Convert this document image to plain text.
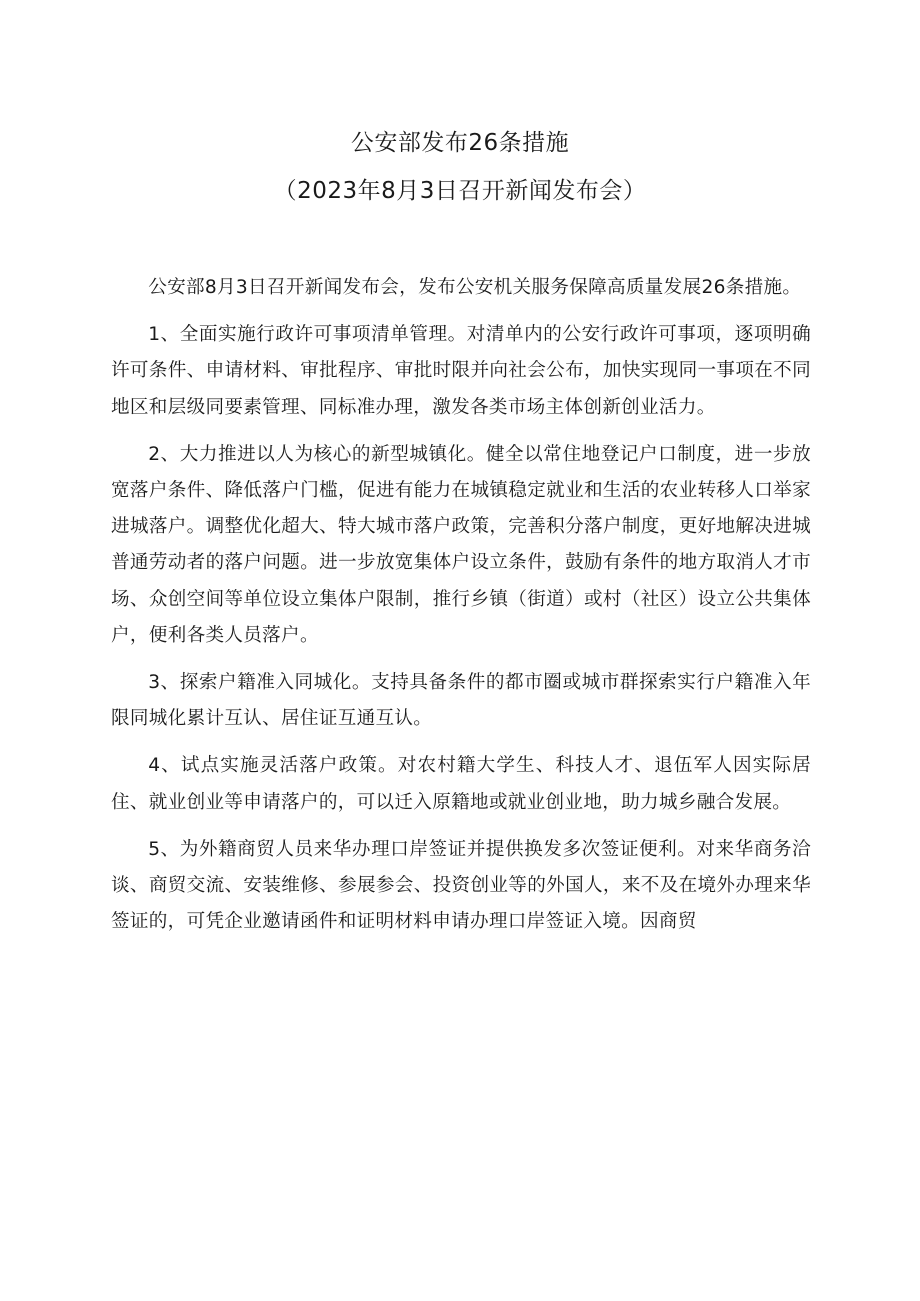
公安部发布26条措施
（2023年8月3日召开新闻发布会）

公安部8月3日召开新闻发布会，发布公安机关服务保障高质量发展26条措施。

1、全面实施行政许可事项清单管理。对清单内的公安行政许可事项，逐项明确许可条件、申请材料、审批程序、审批时限并向社会公布，加快实现同一事项在不同地区和层级同要素管理、同标准办理，激发各类市场主体创新创业活力。

2、大力推进以人为核心的新型城镇化。健全以常住地登记户口制度，进一步放宽落户条件、降低落户门槛，促进有能力在城镇稳定就业和生活的农业转移人口举家进城落户。调整优化超大、特大城市落户政策，完善积分落户制度，更好地解决进城普通劳动者的落户问题。进一步放宽集体户设立条件，鼓励有条件的地方取消人才市场、众创空间等单位设立集体户限制，推行乡镇（街道）或村（社区）设立公共集体户，便利各类人员落户。

3、探索户籍准入同城化。支持具备条件的都市圈或城市群探索实行户籍准入年限同城化累计互认、居住证互通互认。

4、试点实施灵活落户政策。对农村籍大学生、科技人才、退伍军人因实际居住、就业创业等申请落户的，可以迁入原籍地或就业创业地，助力城乡融合发展。

5、为外籍商贸人员来华办理口岸签证并提供换发多次签证便利。对来华商务洽谈、商贸交流、安装维修、参展参会、投资创业等的外国人，来不及在境外办理来华签证的，可凭企业邀请函件和证明材料申请办理口岸签证入境。因商贸
